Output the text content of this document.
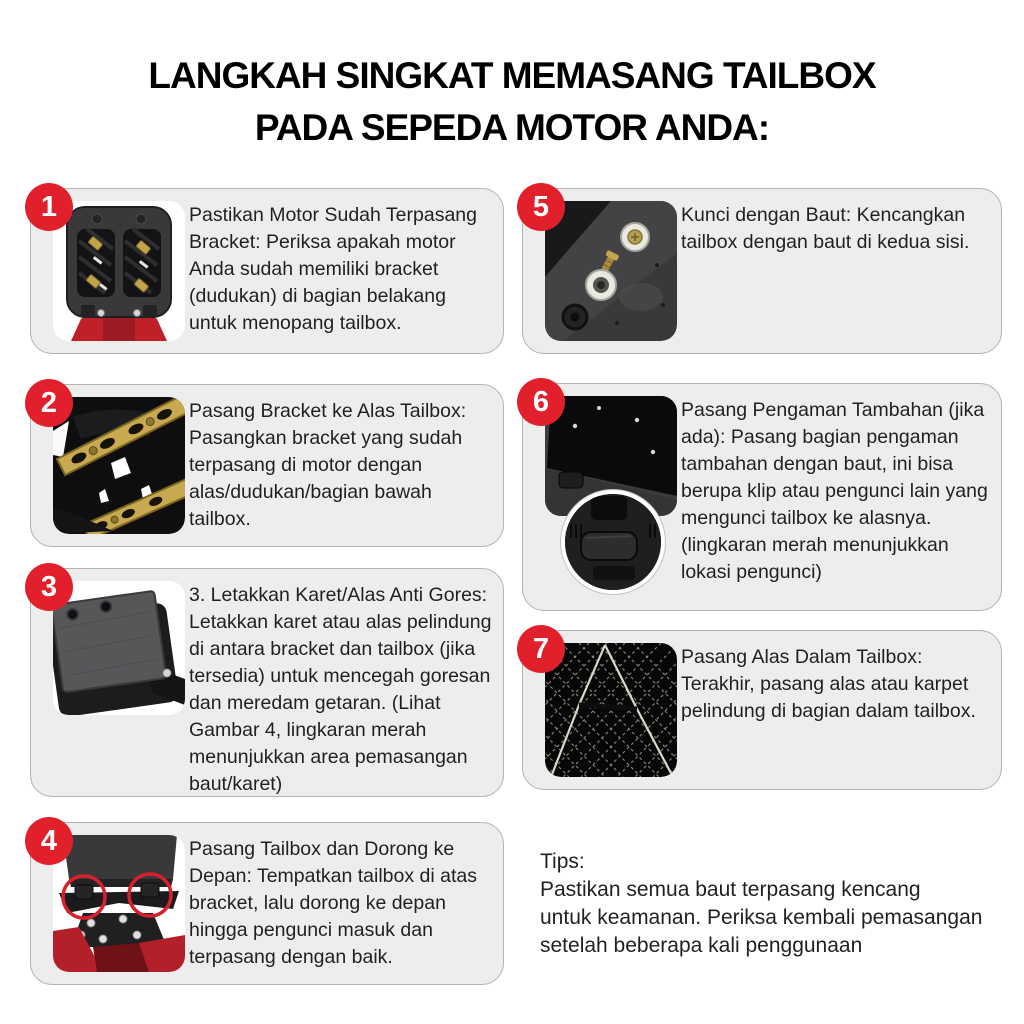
LANGKAH SINGKAT MEMASANG TAILBOX
PADA SEPEDA MOTOR ANDA:
1	Pastikan Motor Sudah Terpasang Bracket: Periksa apakah motor Anda sudah memiliki bracket (dudukan) di bagian belakang untuk menopang tailbox.
2	Pasang Bracket ke Alas Tailbox: Pasangkan bracket yang sudah terpasang di motor dengan alas/dudukan/bagian bawah tailbox.
3	3. Letakkan Karet/Alas Anti Gores: Letakkan karet atau alas pelindung di antara bracket dan tailbox (jika tersedia) untuk mencegah goresan dan meredam getaran. (Lihat Gambar 4, lingkaran merah menunjukkan area pemasangan baut/karet)
4	Pasang Tailbox dan Dorong ke Depan: Tempatkan tailbox di atas bracket, lalu dorong ke depan hingga pengunci masuk dan terpasang dengan baik.
5	Kunci dengan Baut: Kencangkan tailbox dengan baut di kedua sisi.
6	Pasang Pengaman Tambahan (jika ada): Pasang bagian pengaman tambahan dengan baut, ini bisa berupa klip atau pengunci lain yang mengunci tailbox ke alasnya. (lingkaran merah menunjukkan lokasi pengunci)
7	Pasang Alas Dalam Tailbox: Terakhir, pasang alas atau karpet pelindung di bagian dalam tailbox.
Tips:
Pastikan semua baut terpasang kencang
untuk keamanan. Periksa kembali pemasangan
setelah beberapa kali penggunaan
